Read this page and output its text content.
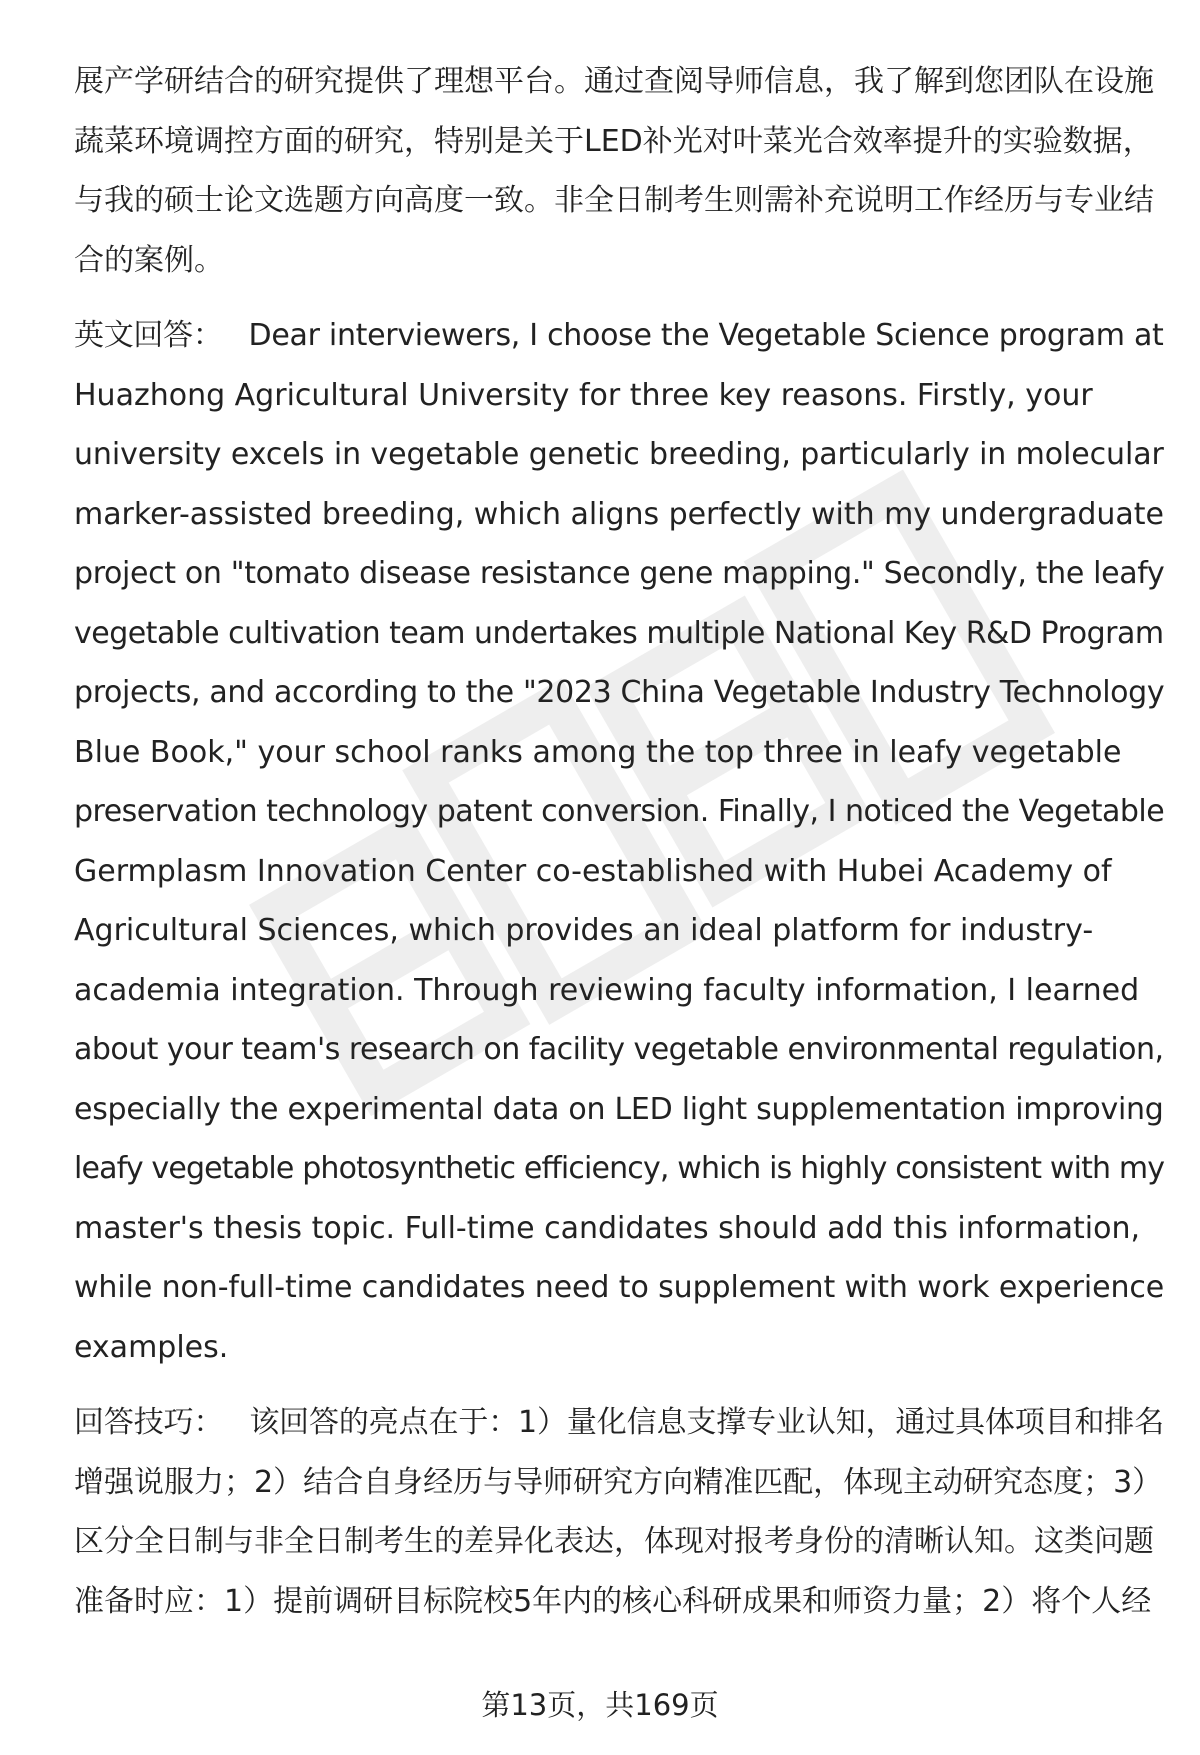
展产学研结合的研究提供了理想平台。通过查阅导师信息，我了解到您团队在设施
蔬菜环境调控方面的研究，特别是关于LED补光对叶菜光合效率提升的实验数据，
与我的硕士论文选题方向高度一致。非全日制考生则需补充说明工作经历与专业结
合的案例。

英文回答： Dear interviewers, I choose the Vegetable Science program at
Huazhong Agricultural University for three key reasons. Firstly, your
university excels in vegetable genetic breeding, particularly in molecular
marker-assisted breeding, which aligns perfectly with my undergraduate
project on "tomato disease resistance gene mapping." Secondly, the leafy
vegetable cultivation team undertakes multiple National Key R&D Program
projects, and according to the "2023 China Vegetable Industry Technology
Blue Book," your school ranks among the top three in leafy vegetable
preservation technology patent conversion. Finally, I noticed the Vegetable
Germplasm Innovation Center co-established with Hubei Academy of
Agricultural Sciences, which provides an ideal platform for industry-
academia integration. Through reviewing faculty information, I learned
about your team's research on facility vegetable environmental regulation,
especially the experimental data on LED light supplementation improving
leafy vegetable photosynthetic efficiency, which is highly consistent with my
master's thesis topic. Full-time candidates should add this information,
while non-full-time candidates need to supplement with work experience
examples.

回答技巧： 该回答的亮点在于：1）量化信息支撑专业认知，通过具体项目和排名
增强说服力；2）结合自身经历与导师研究方向精准匹配，体现主动研究态度；3）
区分全日制与非全日制考生的差异化表达，体现对报考身份的清晰认知。这类问题
准备时应：1）提前调研目标院校5年内的核心科研成果和师资力量；2）将个人经

第13页，共169页
